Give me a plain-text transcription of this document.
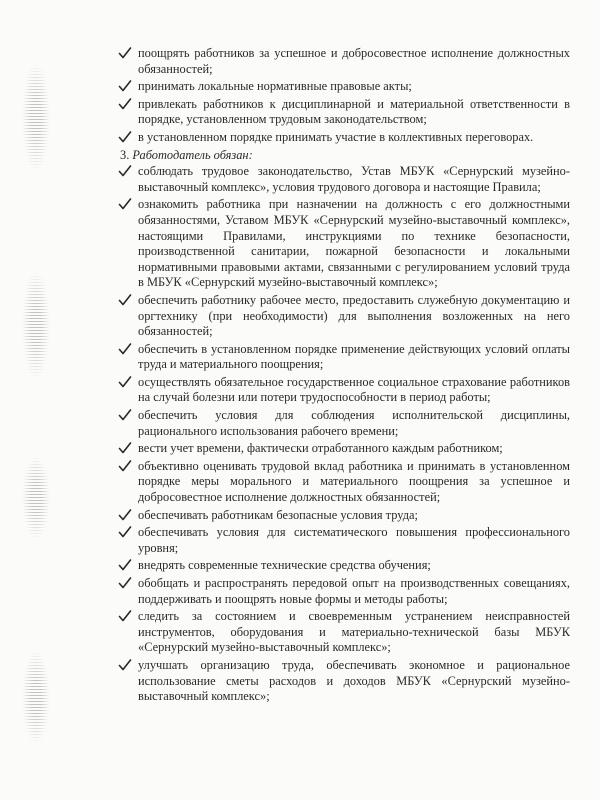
поощрять работников за успешное и добросовестное исполнение должностных обязанностей;
принимать локальные нормативные правовые акты;
привлекать работников к дисциплинарной и материальной ответственности в порядке, установленном трудовым законодательством;
в установленном порядке принимать участие в коллективных переговорах.
3. Работодатель обязан:
соблюдать трудовое законодательство, Устав МБУК «Сернурский музейно-выставочный комплекс», условия трудового договора и настоящие Правила;
ознакомить работника при назначении на должность с его должностными обязанностями, Уставом МБУК «Сернурский музейно-выставочный комплекс», настоящими Правилами, инструкциями по технике безопасности, производственной санитарии, пожарной безопасности и локальными нормативными правовыми актами, связанными с регулированием условий труда в МБУК «Сернурский музейно-выставочный комплекс»;
обеспечить работнику рабочее место, предоставить служебную документацию и оргтехнику (при необходимости) для выполнения возложенных на него обязанностей;
обеспечить в установленном порядке применение действующих условий оплаты труда и материального поощрения;
осуществлять обязательное государственное социальное страхование работников на случай болезни или потери трудоспособности в период работы;
обеспечить условия для соблюдения исполнительской дисциплины, рационального использования рабочего времени;
вести учет времени, фактически отработанного каждым работником;
объективно оценивать трудовой вклад работника и принимать в установленном порядке меры морального и материального поощрения за успешное и добросовестное исполнение должностных обязанностей;
обеспечивать работникам безопасные условия труда;
обеспечивать условия для систематического повышения профессионального уровня;
внедрять современные технические средства обучения;
обобщать и распространять передовой опыт на производственных совещаниях, поддерживать и поощрять новые формы и методы работы;
следить за состоянием и своевременным устранением неисправностей инструментов, оборудования и материально-технической базы МБУК «Сернурский музейно-выставочный комплекс»;
улучшать организацию труда, обеспечивать экономное и рациональное использование сметы расходов и доходов МБУК «Сернурский музейно-выставочный комплекс»;
